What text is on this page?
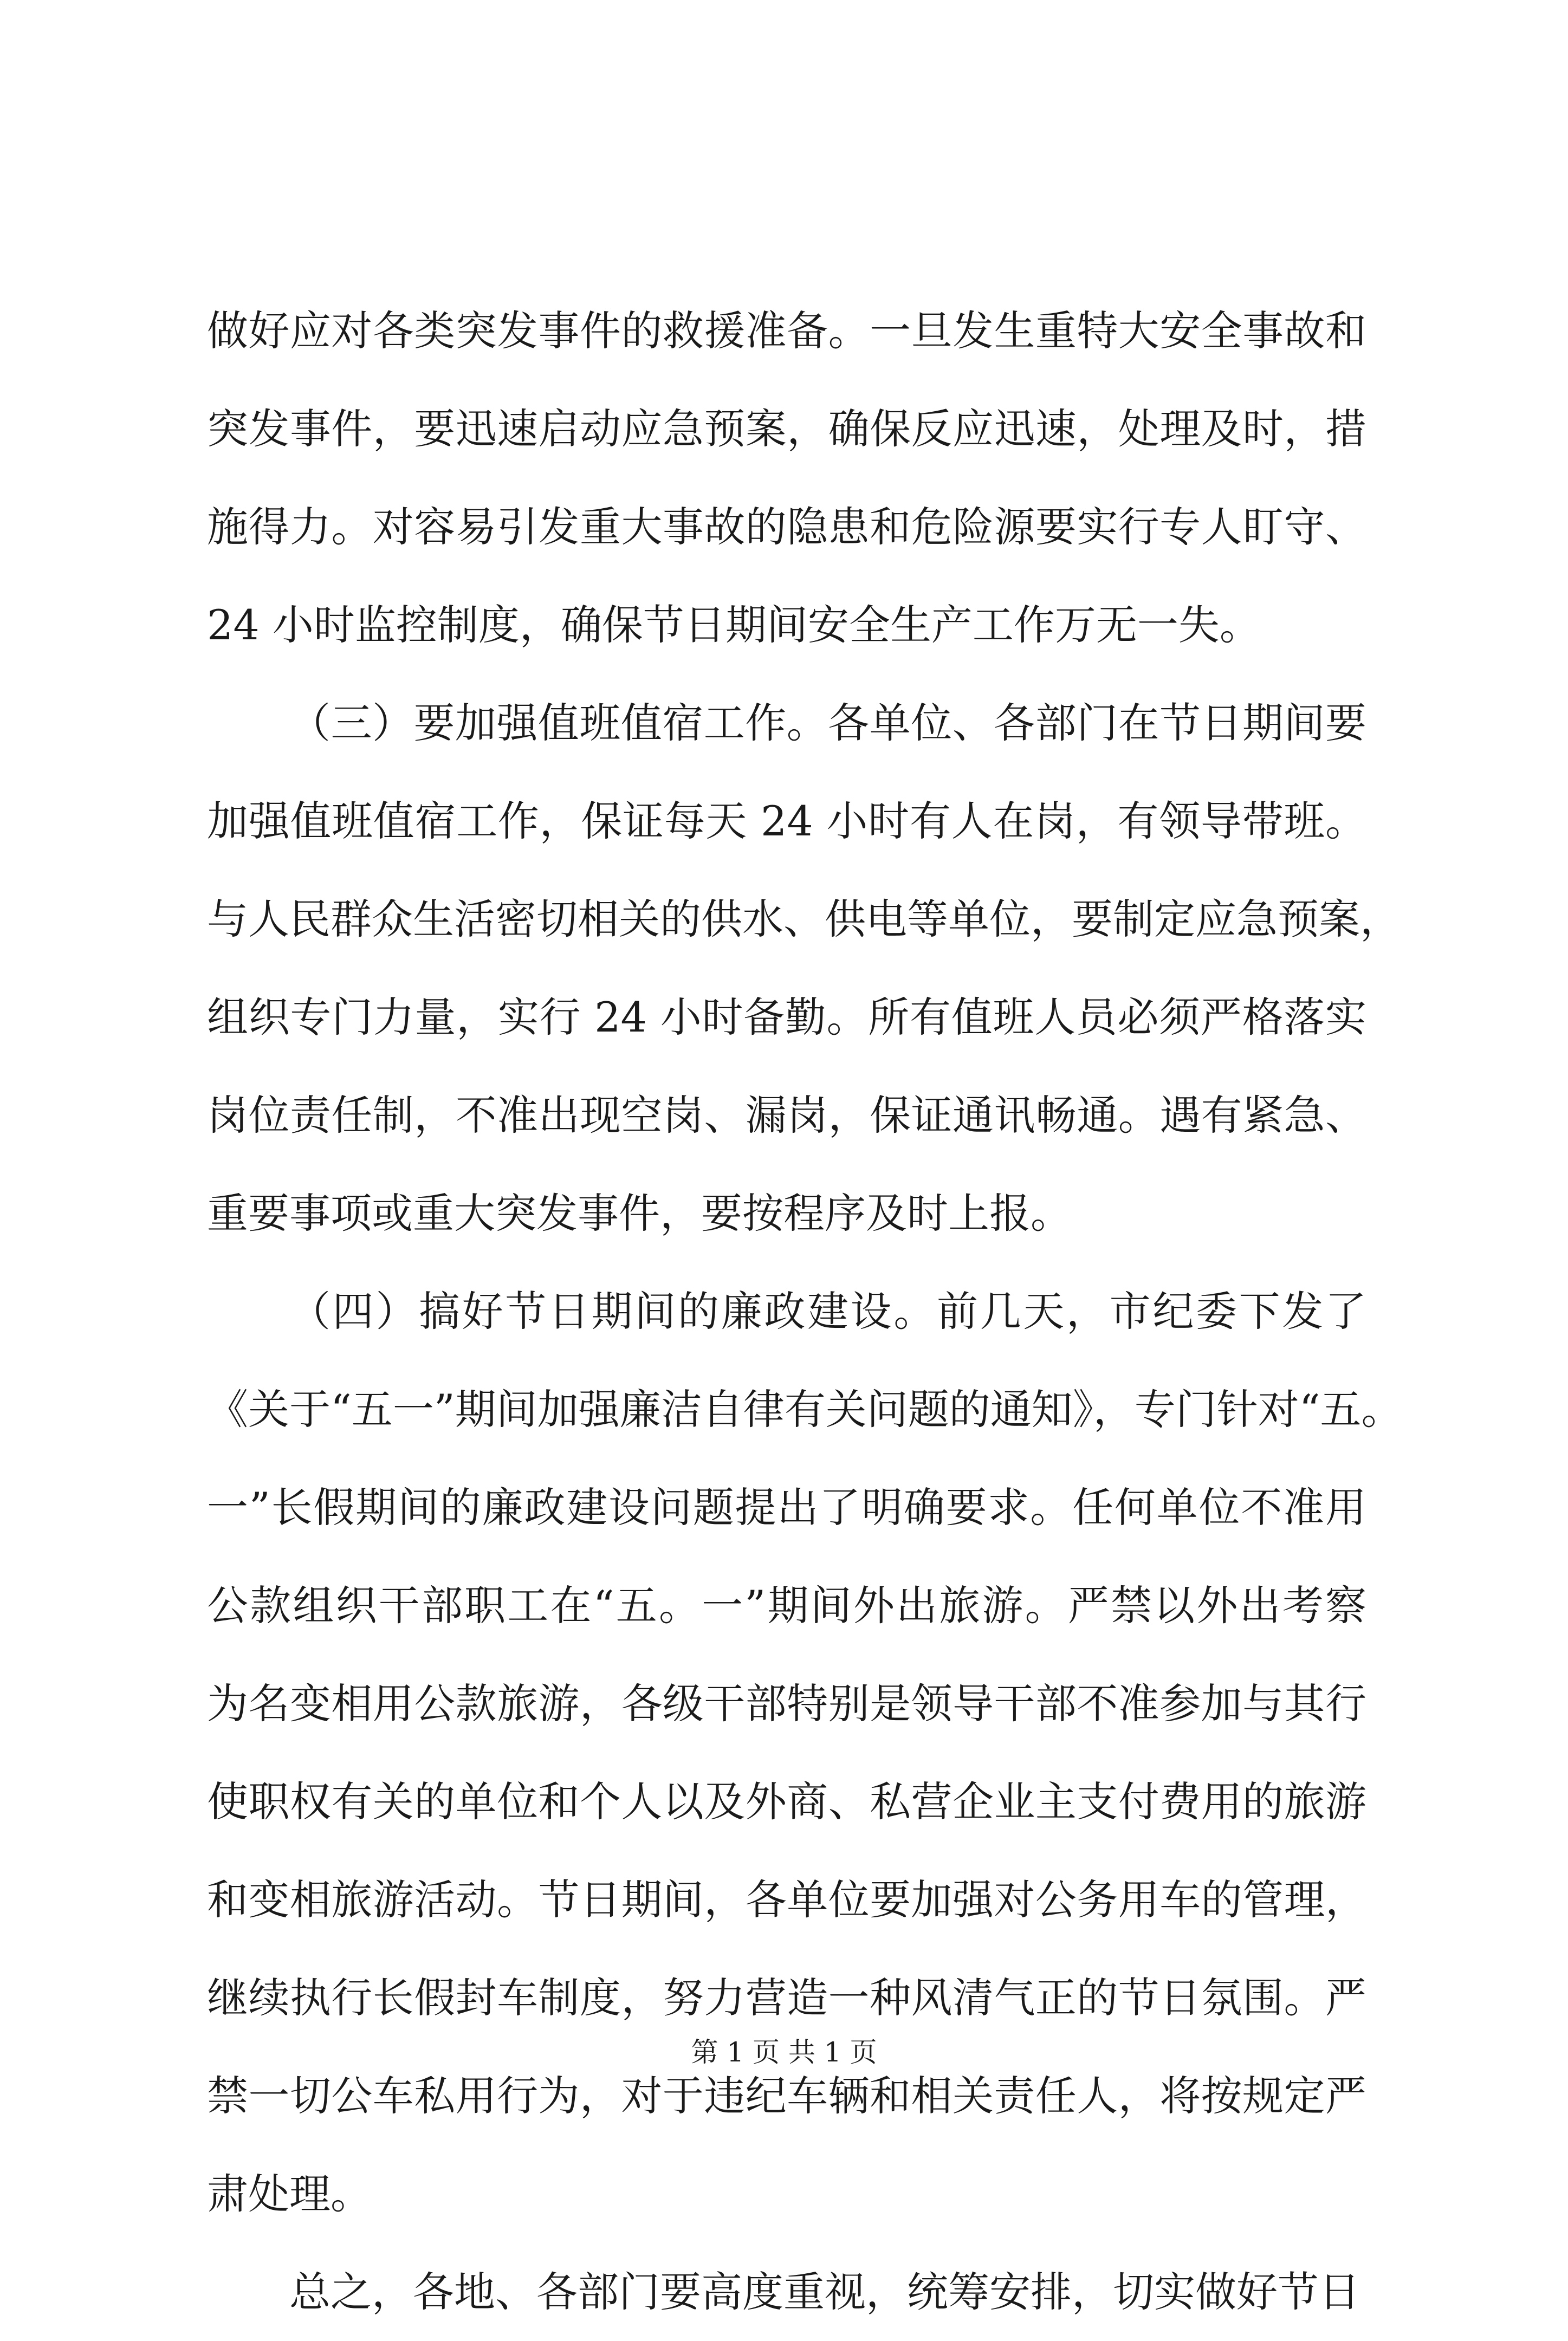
做好应对各类突发事件的救援准备。一旦发生重特大安全事故和
突发事件，要迅速启动应急预案，确保反应迅速，处理及时，措
施得力。对容易引发重大事故的隐患和危险源要实行专人盯守、
24 小时监控制度，确保节日期间安全生产工作万无一失。
（三）要加强值班值宿工作。各单位、各部门在节日期间要
加强值班值宿工作，保证每天 24 小时有人在岗，有领导带班。
与人民群众生活密切相关的供水、供电等单位，要制定应急预案，
组织专门力量，实行 24 小时备勤。所有值班人员必须严格落实
岗位责任制，不准出现空岗、漏岗，保证通讯畅通。遇有紧急、
重要事项或重大突发事件，要按程序及时上报。
（四）搞好节日期间的廉政建设。前几天，市纪委下发了
《关于“五一”期间加强廉洁自律有关问题的通知》，专门针对“五。
一”长假期间的廉政建设问题提出了明确要求。任何单位不准用
公款组织干部职工在“五。一”期间外出旅游。严禁以外出考察
为名变相用公款旅游，各级干部特别是领导干部不准参加与其行
使职权有关的单位和个人以及外商、私营企业主支付费用的旅游
和变相旅游活动。节日期间，各单位要加强对公务用车的管理，
继续执行长假封车制度，努力营造一种风清气正的节日氛围。严
禁一切公车私用行为，对于违纪车辆和相关责任人，将按规定严
肃处理。
总之，各地、各部门要高度重视，统筹安排，切实做好节日
第 1 页 共 1 页
